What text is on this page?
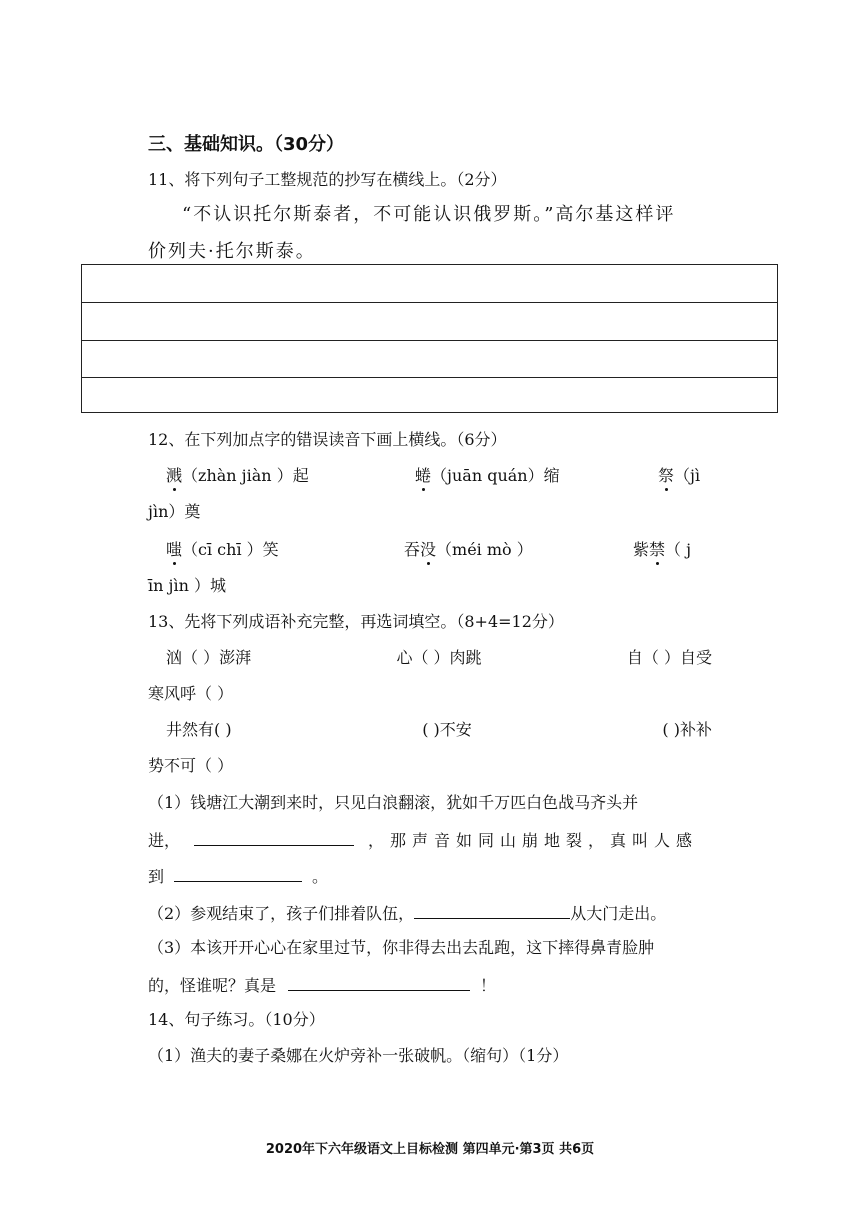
三、基础知识。（30分）
11、将下列句子工整规范的抄写在横线上。（2分）
“不认识托尔斯泰者，不可能认识俄罗斯。”高尔基这样评
价列夫·托尔斯泰。
12、在下列加点字的错误读音下画上横线。（6分）
溅（zhàn jiàn ）起	蜷（juān quán）缩	祭（jì
jìn）奠
嗤（cī chī ）笑	吞没（méi mò ）	紫禁（ j
īn jìn ）城
13、先将下列成语补充完整，再选词填空。（8+4=12分）
汹（ ）澎湃	心（ ）肉跳	自（ ）自受
寒风呼（ ）
井然有( )	( )不安	( )补补
势不可（ ）
（1）钱塘江大潮到来时，只见白浪翻滚，犹如千万匹白色战马齐头并
进，	，那声音如同山崩地裂，真叫人感
到	。
（2）参观结束了，孩子们排着队伍，	从大门走出。
（3）本该开开心心在家里过节，你非得去出去乱跑，这下摔得鼻青脸肿
的，怪谁呢？真是	！
14、句子练习。（10分）
（1）渔夫的妻子桑娜在火炉旁补一张破帆。（缩句）（1分）
2020年下六年级语文上目标检测 第四单元·第3页 共6页
